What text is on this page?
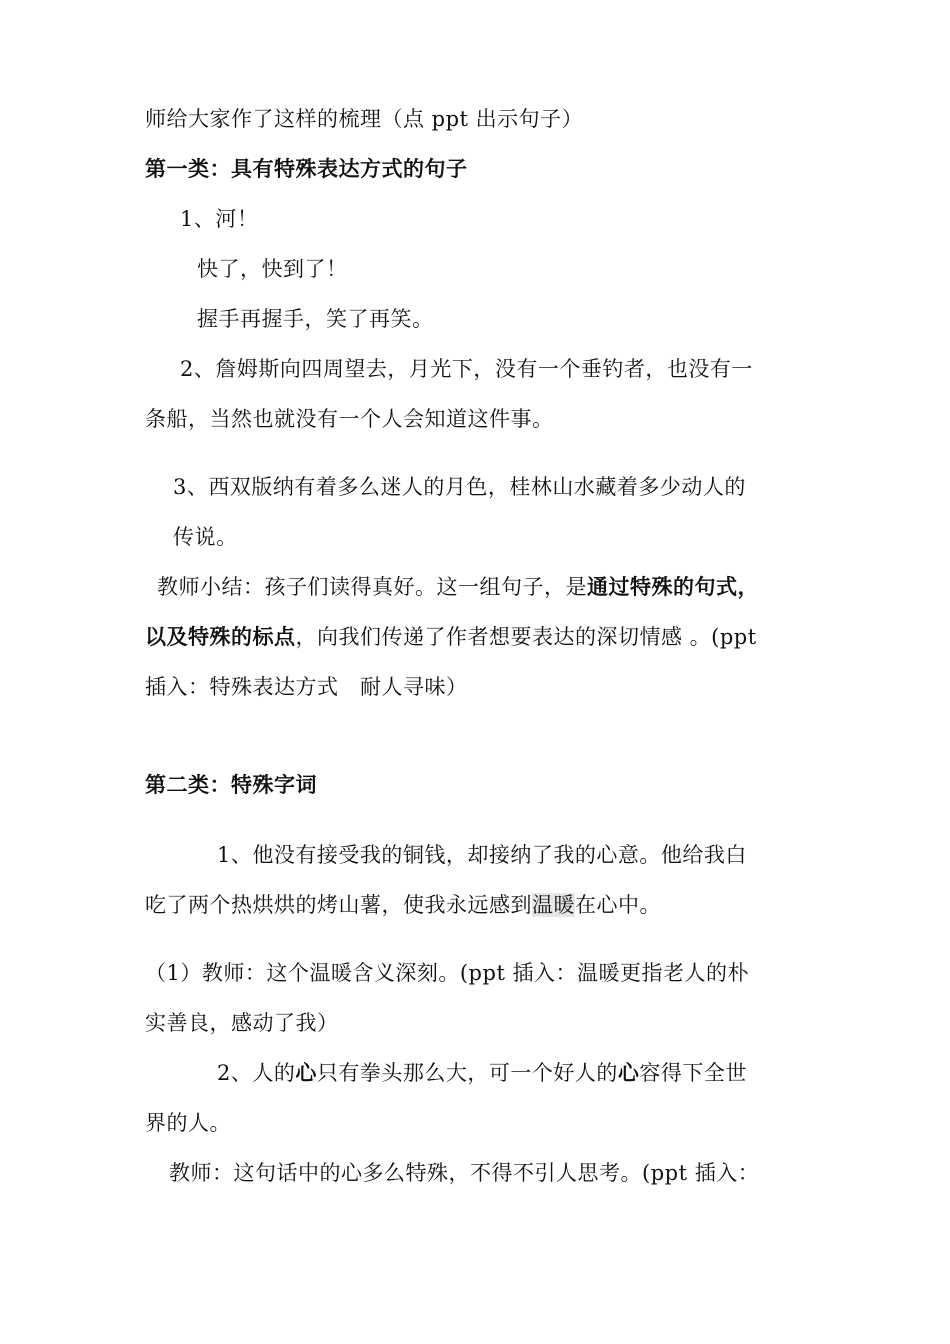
师给大家作了这样的梳理（点 ppt 出示句子）
第一类：具有特殊表达方式的句子
1、河！
快了，快到了！
握手再握手，笑了再笑。
2、詹姆斯向四周望去，月光下，没有一个垂钓者，也没有一
条船，当然也就没有一个人会知道这件事。
3、西双版纳有着多么迷人的月色，桂林山水藏着多少动人的
传说。
教师小结：孩子们读得真好。这一组句子，是通过特殊的句式，
以及特殊的标点，向我们传递了作者想要表达的深切情感 。(ppt
插入：特殊表达方式　耐人寻味）
第二类：特殊字词
1、他没有接受我的铜钱，却接纳了我的心意。他给我白
吃了两个热烘烘的烤山薯，使我永远感到温暖在心中。
（1）教师：这个温暖含义深刻。(ppt 插入：温暖更指老人的朴
实善良，感动了我）
2、人的心只有拳头那么大，可一个好人的心容得下全世
界的人。
教师：这句话中的心多么特殊，不得不引人思考。(ppt 插入：
